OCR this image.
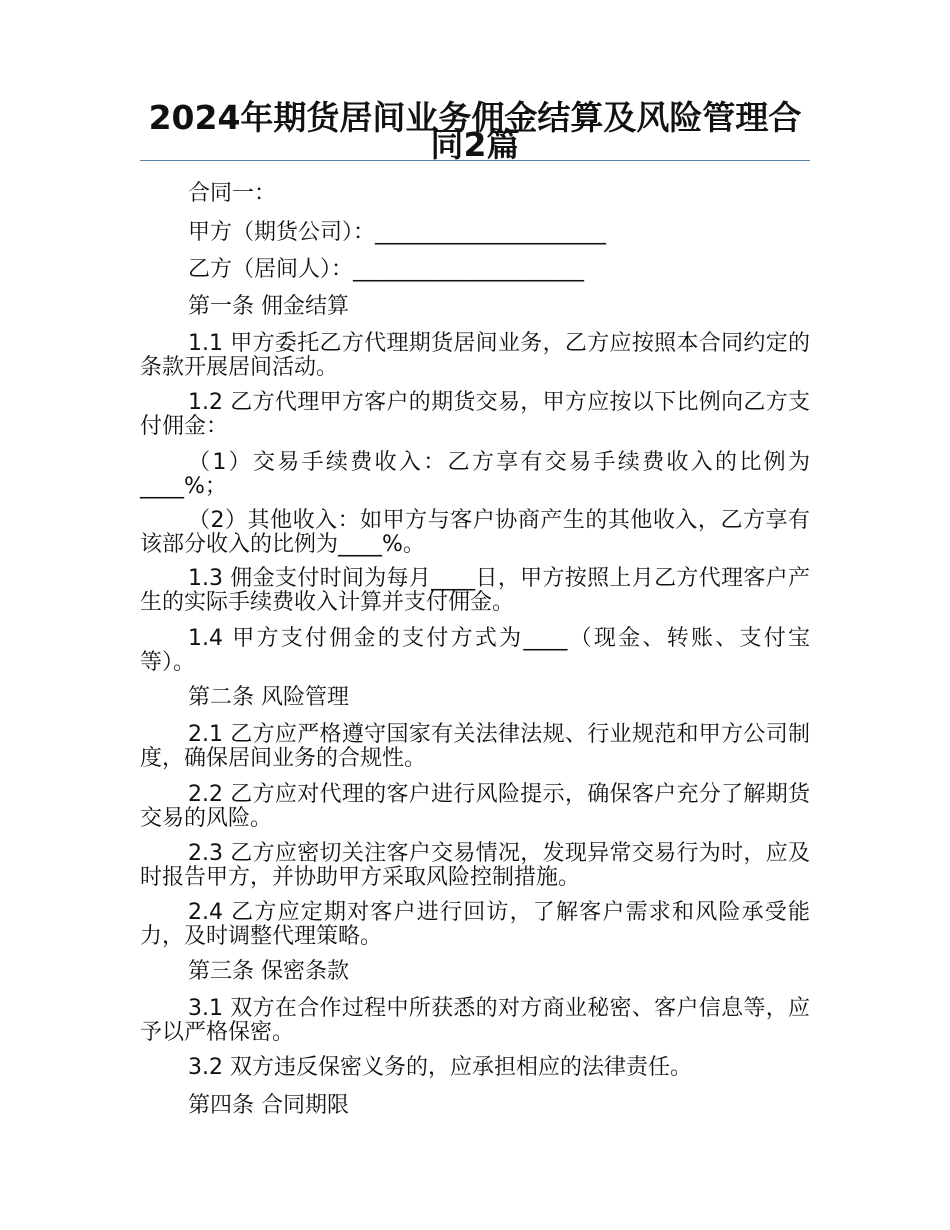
2024年期货居间业务佣金结算及风险管理合同2篇
合同一：
甲方（期货公司）：_____________________
乙方（居间人）：_____________________
第一条 佣金结算
1.1 甲方委托乙方代理期货居间业务，乙方应按照本合同约定的条款开展居间活动。
1.2 乙方代理甲方客户的期货交易，甲方应按以下比例向乙方支付佣金：
（1）交易手续费收入：乙方享有交易手续费收入的比例为____%；
（2）其他收入：如甲方与客户协商产生的其他收入，乙方享有该部分收入的比例为____%。
1.3 佣金支付时间为每月____日，甲方按照上月乙方代理客户产生的实际手续费收入计算并支付佣金。
1.4 甲方支付佣金的支付方式为____（现金、转账、支付宝等）。
第二条 风险管理
2.1 乙方应严格遵守国家有关法律法规、行业规范和甲方公司制度，确保居间业务的合规性。
2.2 乙方应对代理的客户进行风险提示，确保客户充分了解期货交易的风险。
2.3 乙方应密切关注客户交易情况，发现异常交易行为时，应及时报告甲方，并协助甲方采取风险控制措施。
2.4 乙方应定期对客户进行回访，了解客户需求和风险承受能力，及时调整代理策略。
第三条 保密条款
3.1 双方在合作过程中所获悉的对方商业秘密、客户信息等，应予以严格保密。
3.2 双方违反保密义务的，应承担相应的法律责任。
第四条 合同期限
